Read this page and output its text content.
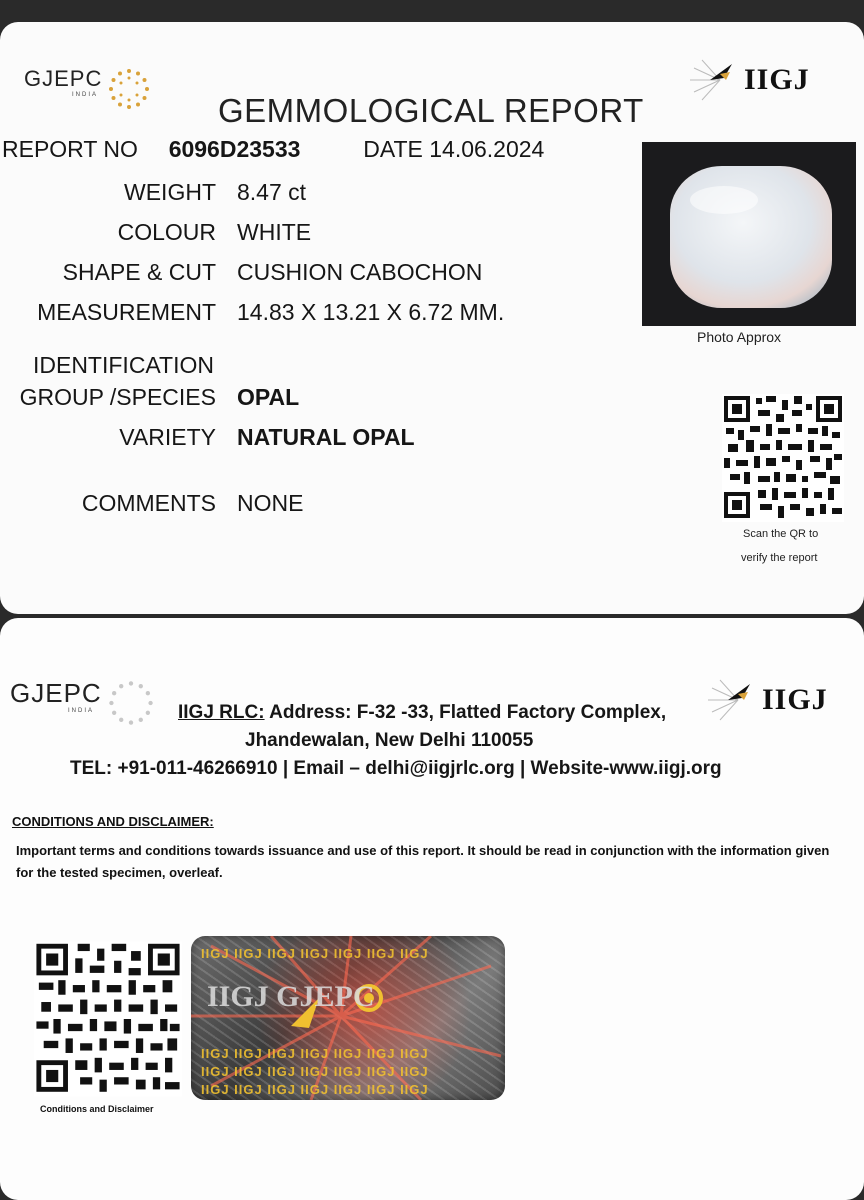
GJEPC
INDIA	IIGJ
GEMMOLOGICAL REPORT
REPORT NO 6096D23533	DATE 14.06.2024
WEIGHT 8.47 ct
COLOUR WHITE
SHAPE & CUT CUSHION CABOCHON
MEASUREMENT 14.83 X 13.21 X 6.72 MM.
IDENTIFICATION
GROUP /SPECIES OPAL
VARIETY NATURAL OPAL
COMMENTS NONE
Photo Approx
Scan the QR to
verify the report
GJEPC
INDIA	IIGJ
IIGJ RLC: Address: F-32 -33, Flatted Factory Complex,
Jhandewalan, New Delhi 110055
TEL: +91-011-46266910 | Email – delhi@iigjrlc.org | Website-www.iigj.org
CONDITIONS AND DISCLAIMER:
Important terms and conditions towards issuance and use of this report. It should be read in conjunction with the information given for the tested specimen, overleaf.
Conditions and Disclaimer
IIGJ IIGJ IIGJ IIGJ IIGJ IIGJ IIGJ
IIGJ GJEPC
IIGJ IIGJ IIGJ IIGJ IIGJ IIGJ IIGJ
IIGJ IIGJ IIGJ IIGJ IIGJ IIGJ IIGJ
IIGJ IIGJ IIGJ IIGJ IIGJ IIGJ IIGJ
